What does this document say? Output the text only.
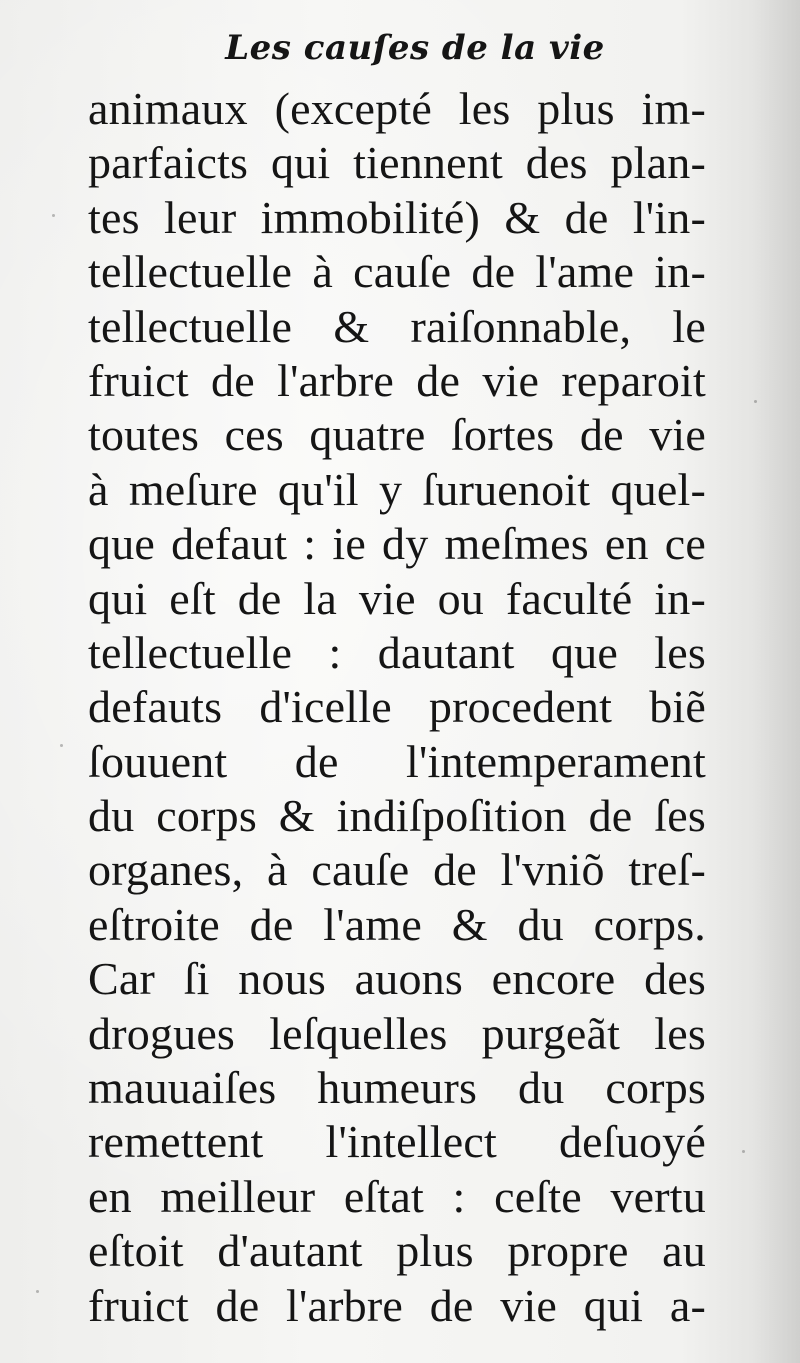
Les cauſes de la vie
animaux (excepté les plus im-
parfaicts qui tiennent des plan-
tes leur immobilité) & de l'in-
tellectuelle à cauſe de l'ame in-
tellectuelle & raiſonnable, le
fruict de l'arbre de vie reparoit
toutes ces quatre ſortes de vie
à meſure qu'il y ſuruenoit quel-
que defaut : ie dy meſmes en ce
qui eſt de la vie ou faculté in-
tellectuelle : dautant que les
defauts d'icelle procedent biẽ
ſouuent de l'intemperament
du corps & indiſpoſition de ſes
organes, à cauſe de l'vniõ treſ-
eſtroite de l'ame & du corps.
Car ſi nous auons encore des
drogues leſquelles purgeãt les
mauuaiſes humeurs du corps
remettent l'intellect deſuoyé
en meilleur eſtat : ceſte vertu
eſtoit d'autant plus propre au
fruict de l'arbre de vie qui a-
